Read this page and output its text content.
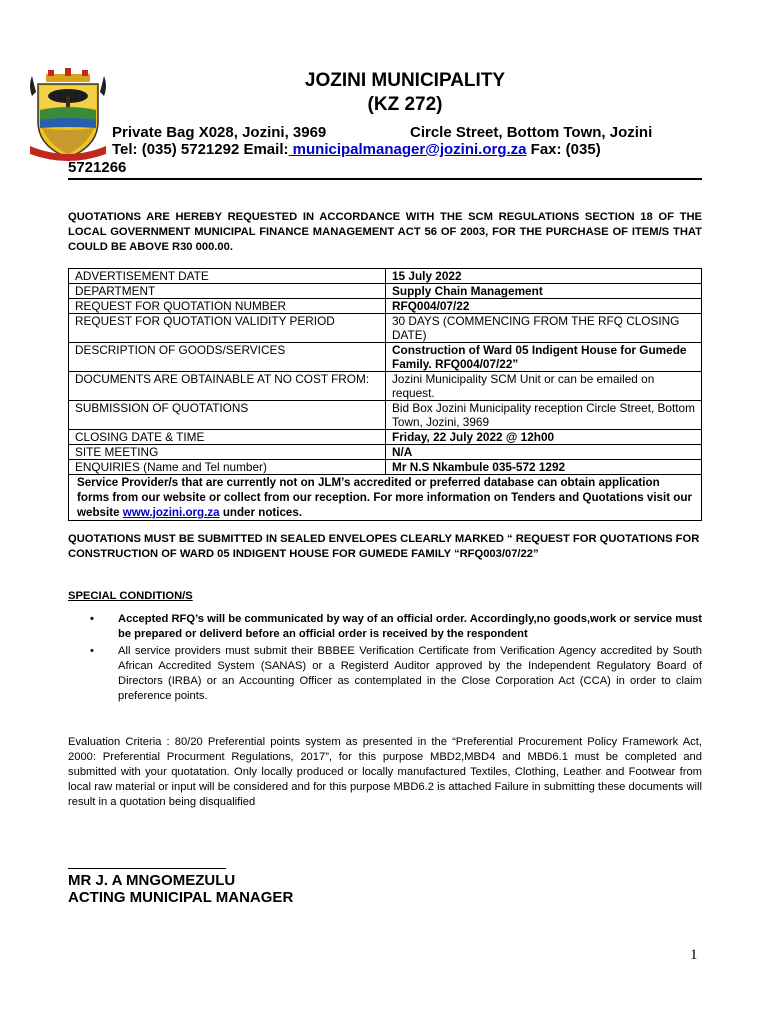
JOZINI MUNICIPALITY
(KZ 272)
Private Bag X028, Jozini, 3969	Circle Street, Bottom Town, Jozini
Tel: (035) 5721292 Email: municipalmanager@jozini.org.za Fax: (035)
5721266
QUOTATIONS ARE HEREBY REQUESTED IN ACCORDANCE WITH THE SCM REGULATIONS SECTION 18 OF THE LOCAL GOVERNMENT MUNICIPAL FINANCE MANAGEMENT ACT 56 OF 2003, FOR THE PURCHASE OF ITEM/S THAT COULD BE ABOVE R30 000.00.
ADVERTISEMENT DATE	15 July 2022
DEPARTMENT	Supply Chain Management
REQUEST FOR QUOTATION NUMBER	RFQ004/07/22
REQUEST FOR QUOTATION VALIDITY PERIOD	30 DAYS (COMMENCING FROM THE RFQ CLOSING DATE)
DESCRIPTION OF GOODS/SERVICES	Construction of Ward 05 Indigent House for Gumede Family. RFQ004/07/22”
DOCUMENTS ARE OBTAINABLE AT NO COST FROM:	Jozini Municipality SCM Unit or can be emailed on request.
SUBMISSION OF QUOTATIONS	Bid Box Jozini Municipality reception Circle Street, Bottom Town, Jozini, 3969
CLOSING DATE & TIME	Friday, 22 July 2022 @ 12h00
SITE MEETING	N/A
ENQUIRIES (Name and Tel number)	Mr N.S Nkambule 035-572 1292
Service Provider/s that are currently not on JLM’s accredited or preferred database can obtain application forms from our website or collect from our reception. For more information on Tenders and Quotations visit our website www.jozini.org.za under notices.	
QUOTATIONS MUST BE SUBMITTED IN SEALED ENVELOPES CLEARLY MARKED “ REQUEST FOR QUOTATIONS FOR CONSTRUCTION OF WARD 05 INDIGENT HOUSE FOR GUMEDE FAMILY “RFQ003/07/22”
SPECIAL CONDITION/S
• Accepted RFQ’s will be communicated by way of an official order. Accordingly,no goods,work or service must be prepared or deliverd before an official order is received by the respondent
• All service providers must submit their BBBEE Verification Certificate from Verification Agency accredited by South African Accredited System (SANAS) or a Registerd Auditor approved by the Independent Regulatory Board of Directors (IRBA) or an Accounting Officer as contemplated in the Close Corporation Act (CCA) in order to claim preference points.
Evaluation Criteria : 80/20 Preferential points system as presented in the “Preferential Procurement Policy Framework Act, 2000: Preferential Procurment Regulations, 2017”, for this purpose MBD2,MBD4 and MBD6.1 must be completed and submitted with your quotatation. Only locally produced or locally manufactured Textiles, Clothing, Leather and Footwear from local raw material or input will be considered and for this purpose MBD6.2 is attached Failure in submitting these documents will result in a quotation being disqualified
MR J. A MNGOMEZULU
ACTING MUNICIPAL MANAGER
1
